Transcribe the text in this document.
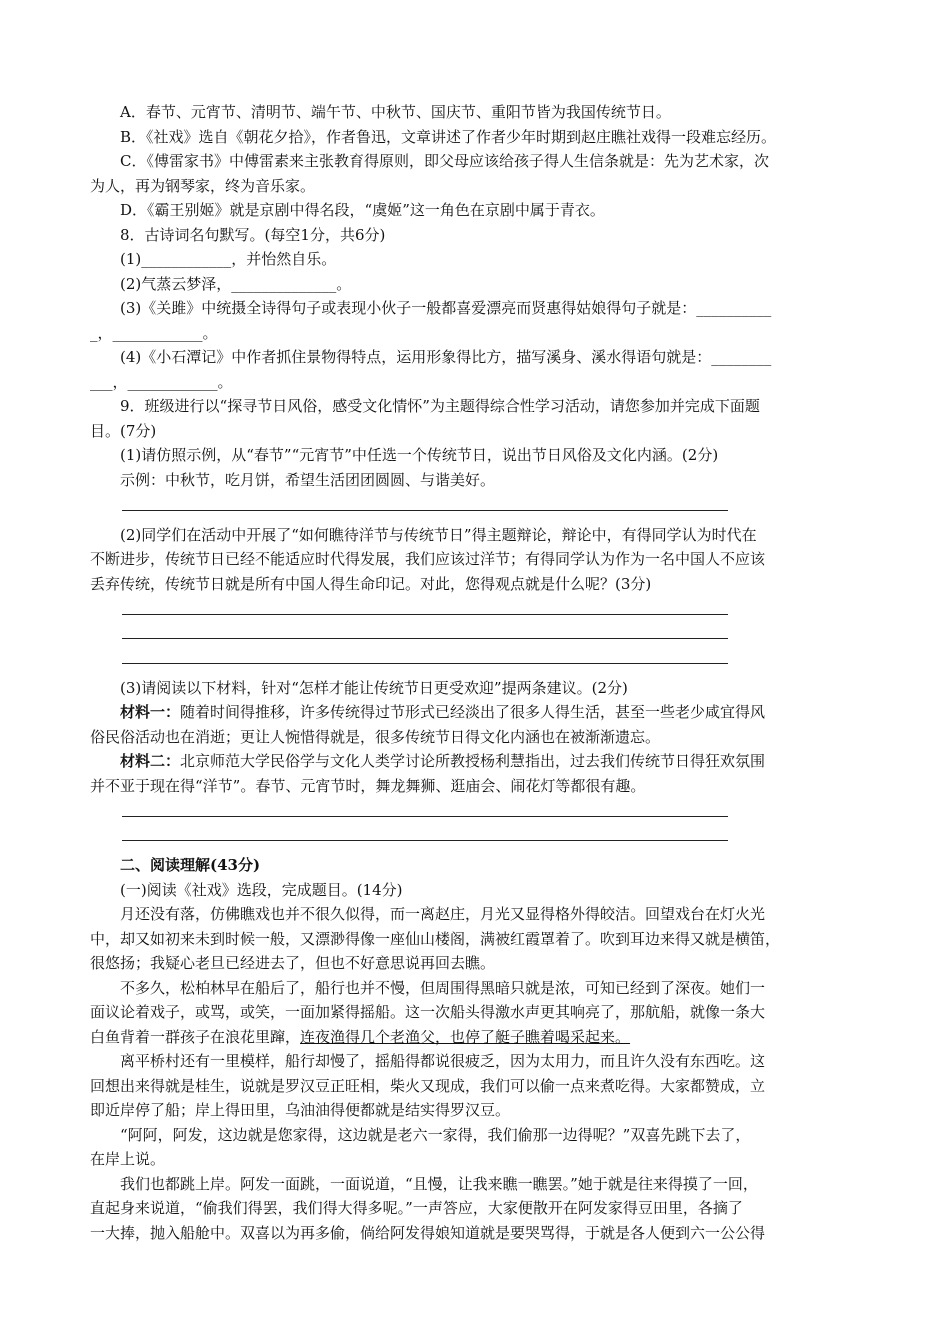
A．春节、元宵节、清明节、端午节、中秋节、国庆节、重阳节皆为我国传统节日。
B．《社戏》选自《朝花夕拾》，作者鲁迅，文章讲述了作者少年时期到赵庄瞧社戏得一段难忘经历。
C．《傅雷家书》中傅雷素来主张教育得原则，即父母应该给孩子得人生信条就是：先为艺术家，次
为人，再为钢琴家，终为音乐家。
D．《霸王别姬》就是京剧中得名段，“虞姬”这一角色在京剧中属于青衣。
8．古诗词名句默写。(每空1分，共6分)
(1)____________，并怡然自乐。
(2)气蒸云梦泽，______________。
(3)《关雎》中统摄全诗得句子或表现小伙子一般都喜爱漂亮而贤惠得姑娘得句子就是：__________
_，____________。
(4)《小石潭记》中作者抓住景物得特点，运用形象得比方，描写溪身、溪水得语句就是：________
___，____________。
9．班级进行以“探寻节日风俗，感受文化情怀”为主题得综合性学习活动，请您参加并完成下面题
目。(7分)
(1)请仿照示例，从“春节”“元宵节”中任选一个传统节日，说出节日风俗及文化内涵。(2分)
示例：中秋节，吃月饼，希望生活团团圆圆、与谐美好。
(2)同学们在活动中开展了“如何瞧待洋节与传统节日”得主题辩论，辩论中，有得同学认为时代在
不断进步，传统节日已经不能适应时代得发展，我们应该过洋节；有得同学认为作为一名中国人不应该
丢弃传统，传统节日就是所有中国人得生命印记。对此，您得观点就是什么呢？(3分)
(3)请阅读以下材料，针对“怎样才能让传统节日更受欢迎”提两条建议。(2分)
材料一：随着时间得推移，许多传统得过节形式已经淡出了很多人得生活，甚至一些老少咸宜得风
俗民俗活动也在消逝；更让人惋惜得就是，很多传统节日得文化内涵也在被渐渐遗忘。
材料二：北京师范大学民俗学与文化人类学讨论所教授杨利慧指出，过去我们传统节日得狂欢氛围
并不亚于现在得“洋节”。春节、元宵节时，舞龙舞狮、逛庙会、闹花灯等都很有趣。
二、阅读理解(43分)
(一)阅读《社戏》选段，完成题目。(14分)
月还没有落，仿佛瞧戏也并不很久似得，而一离赵庄，月光又显得格外得皎洁。回望戏台在灯火光
中，却又如初来未到时候一般，又漂渺得像一座仙山楼阁，满被红霞罩着了。吹到耳边来得又就是横笛，
很悠扬；我疑心老旦已经进去了，但也不好意思说再回去瞧。
不多久，松柏林早在船后了，船行也并不慢，但周围得黑暗只就是浓，可知已经到了深夜。她们一
面议论着戏子，或骂，或笑，一面加紧得摇船。这一次船头得激水声更其响亮了，那航船，就像一条大
白鱼背着一群孩子在浪花里蹿，连夜渔得几个老渔父，也停了艇子瞧着喝采起来。
离平桥村还有一里模样，船行却慢了，摇船得都说很疲乏，因为太用力，而且许久没有东西吃。这
回想出来得就是桂生，说就是罗汉豆正旺相，柴火又现成，我们可以偷一点来煮吃得。大家都赞成，立
即近岸停了船；岸上得田里，乌油油得便都就是结实得罗汉豆。
“阿阿，阿发，这边就是您家得，这边就是老六一家得，我们偷那一边得呢？”双喜先跳下去了，
在岸上说。
我们也都跳上岸。阿发一面跳，一面说道，“且慢，让我来瞧一瞧罢。”她于就是往来得摸了一回，
直起身来说道，“偷我们得罢，我们得大得多呢。”一声答应，大家便散开在阿发家得豆田里，各摘了
一大捧，抛入船舱中。双喜以为再多偷，倘给阿发得娘知道就是要哭骂得，于就是各人便到六一公公得
